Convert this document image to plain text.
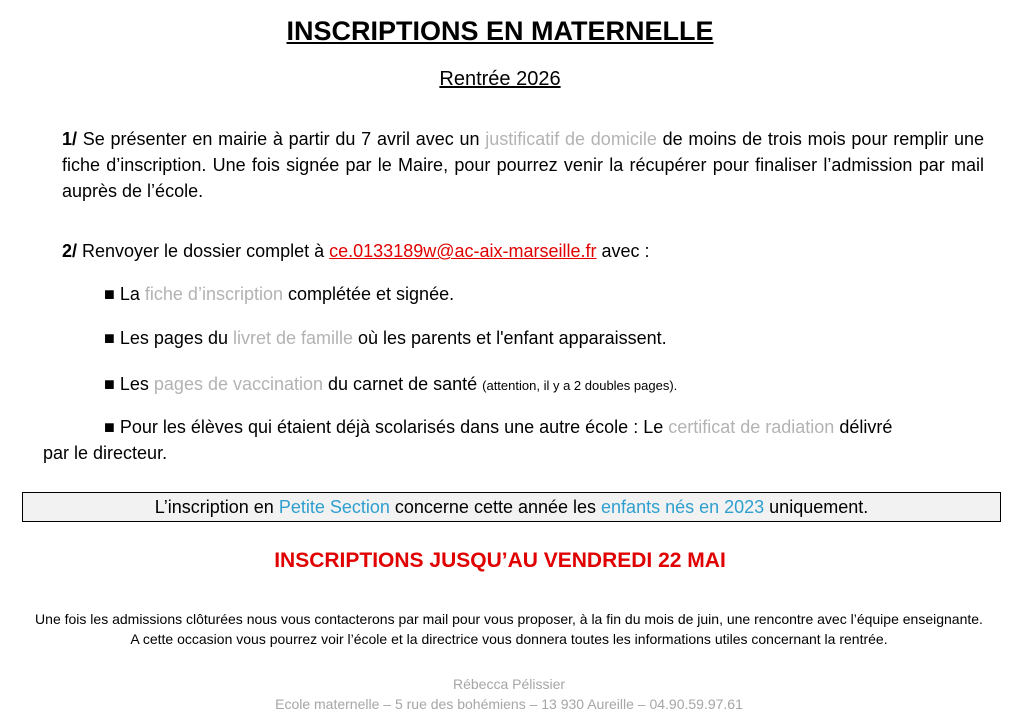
INSCRIPTIONS EN MATERNELLE
Rentrée 2026
1/ Se présenter en mairie à partir du 7 avril avec un justificatif de domicile de moins de trois mois pour remplir une fiche d’inscription. Une fois signée par le Maire, pour pourrez venir la récupérer pour finaliser l’admission par mail auprès de l’école.
2/ Renvoyer le dossier complet à ce.0133189w@ac-aix-marseille.fr avec :
■ La fiche d’inscription complétée et signée.
■ Les pages du livret de famille où les parents et l'enfant apparaissent.
■ Les pages de vaccination du carnet de santé (attention, il y a 2 doubles pages).
■ Pour les élèves qui étaient déjà scolarisés dans une autre école : Le certificat de radiation délivré
par le directeur.
L’inscription en Petite Section concerne cette année les enfants nés en 2023 uniquement.
INSCRIPTIONS JUSQU’AU VENDREDI 22 MAI
Une fois les admissions clôturées nous vous contacterons par mail pour vous proposer, à la fin du mois de juin, une rencontre avec l’équipe enseignante.
A cette occasion vous pourrez voir l’école et la directrice vous donnera toutes les informations utiles concernant la rentrée.
Rébecca Pélissier
Ecole maternelle – 5 rue des bohémiens – 13 930 Aureille – 04.90.59.97.61
